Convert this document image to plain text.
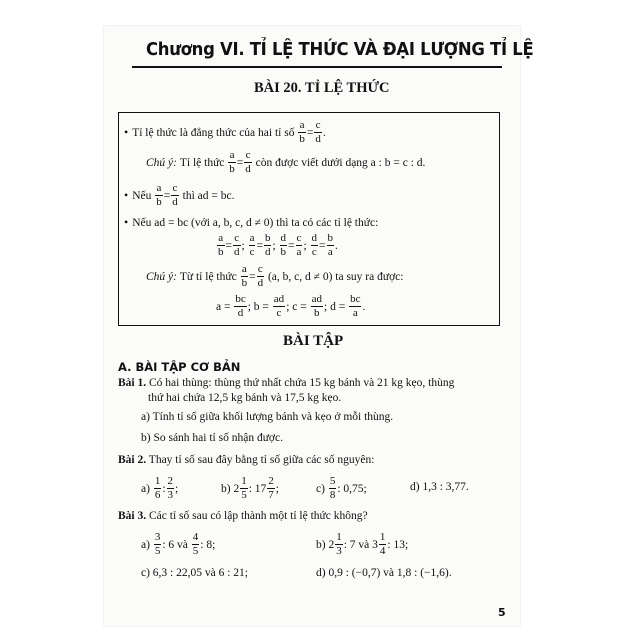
Chương VI. TỈ LỆ THỨC VÀ ĐẠI LƯỢNG TỈ LỆ
BÀI 20. TỈ LỆ THỨC
• Tỉ lệ thức là đẳng thức của hai tỉ số
$\frac{a}{b} = \frac{c}{d}$ .
Chú ý:
Tỉ lệ thức
$\frac{a}{b} = \frac{c}{d}$
còn được viết dưới dạng a : b = c : d.
• Nếu
$\frac{a}{b} = \frac{c}{d}$
thì ad = bc.
• Nếu ad = bc (với a, b, c, d ≠ 0) thì ta có các tỉ lệ thức:
$\frac{a}{b} = \frac{c}{d}$ ;
$\frac{a}{c} = \frac{b}{d}$ ;
$\frac{d}{b} = \frac{c}{a}$ ;
$\frac{d}{c} = \frac{b}{a}$ .
Chú ý:
Từ tỉ lệ thức
$\frac{a}{b} = \frac{c}{d}$
(a, b, c, d ≠ 0) ta suy ra được:
a =
$\frac{bc}{d}$ ; b =
$\frac{ad}{c}$ ; c =
$\frac{ad}{b}$ ; d =
$\frac{bc}{a}$ .
BÀI TẬP
A. BÀI TẬP CƠ BẢN
Bài 1. Có hai thùng: thùng thứ nhất chứa 15 kg bánh và 21 kg kẹo, thùng
thứ hai chứa 12,5 kg bánh và 17,5 kg kẹo.
a) Tính tỉ số giữa khối lượng bánh và kẹo ở mỗi thùng.
b) So sánh hai tỉ số nhận được.
Bài 2. Thay tỉ số sau đây bằng tỉ số giữa các số nguyên:
a)
$\frac{1}{6}$ : $\frac{2}{3}$ ;	b)
$2 \frac{1}{5}$ :
$17 \frac{2}{7}$ ;	c)
$\frac{5}{8}$ : 0,75;	d) 1,3 : 3,77.
Bài 3. Các tỉ số sau có lập thành một tỉ lệ thức không?
a)
$\frac{3}{5}$ : 6 và
$\frac{4}{5}$ : 8;	b)
$2 \frac{1}{3}$ : 7 và
$3 \frac{1}{4}$ : 13;
c) 6,3 : 22,05 và 6 : 21;	d) 0,9 : (−0,7) và 1,8 : (−1,6).
5
